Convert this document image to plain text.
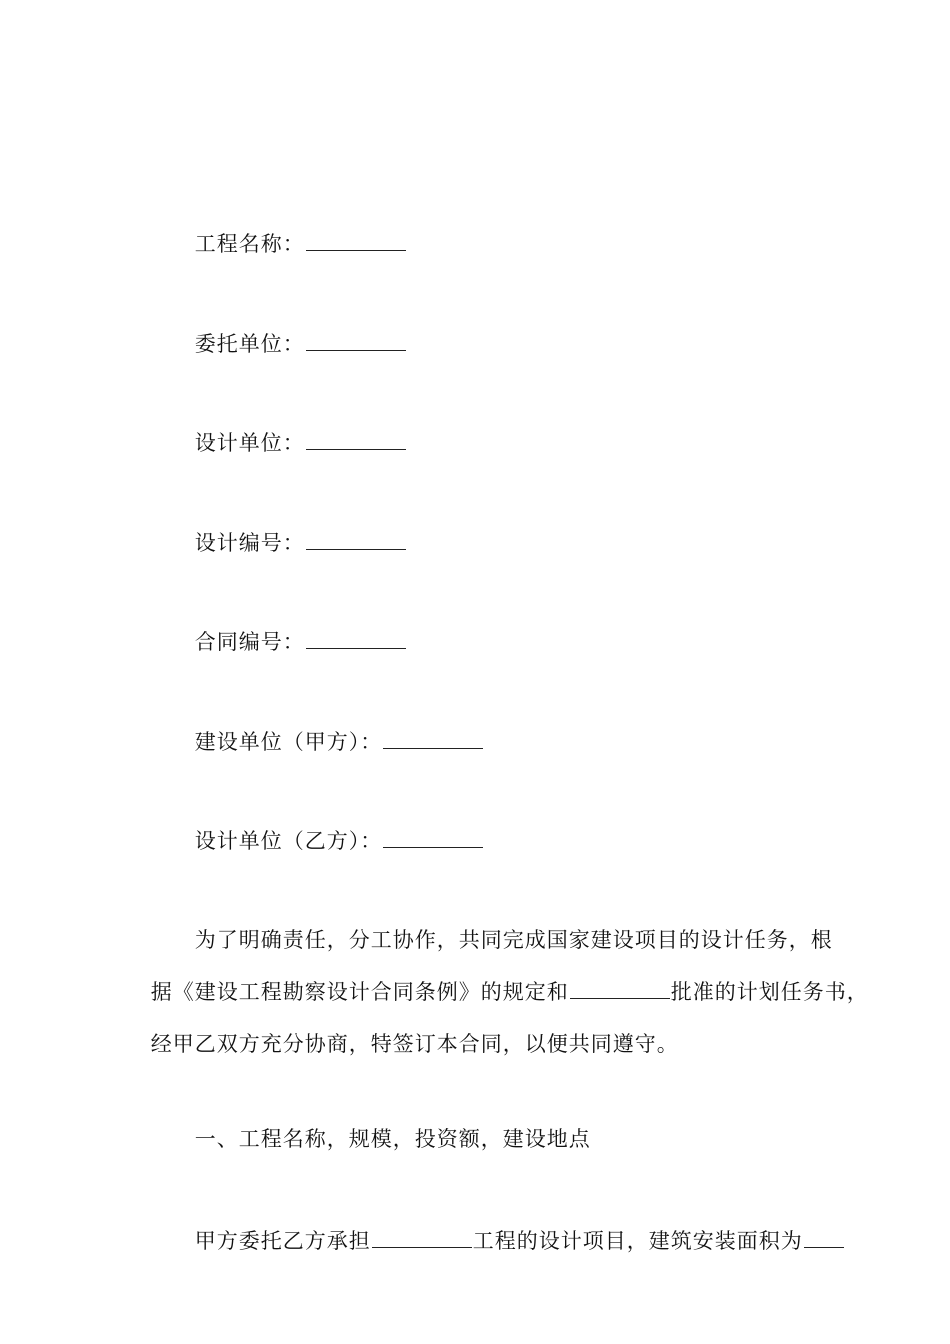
工程名称：

委托单位：

设计单位：

设计编号：

合同编号：

建设单位（甲方）：

设计单位（乙方）：

为了明确责任，分工协作，共同完成国家建设项目的设计任务，根

据《建设工程勘察设计合同条例》的规定和	批准的计划任务书，

经甲乙双方充分协商，特签订本合同，以便共同遵守。

一、工程名称，规模，投资额，建设地点

甲方委托乙方承担	工程的设计项目，建筑安装面积为
